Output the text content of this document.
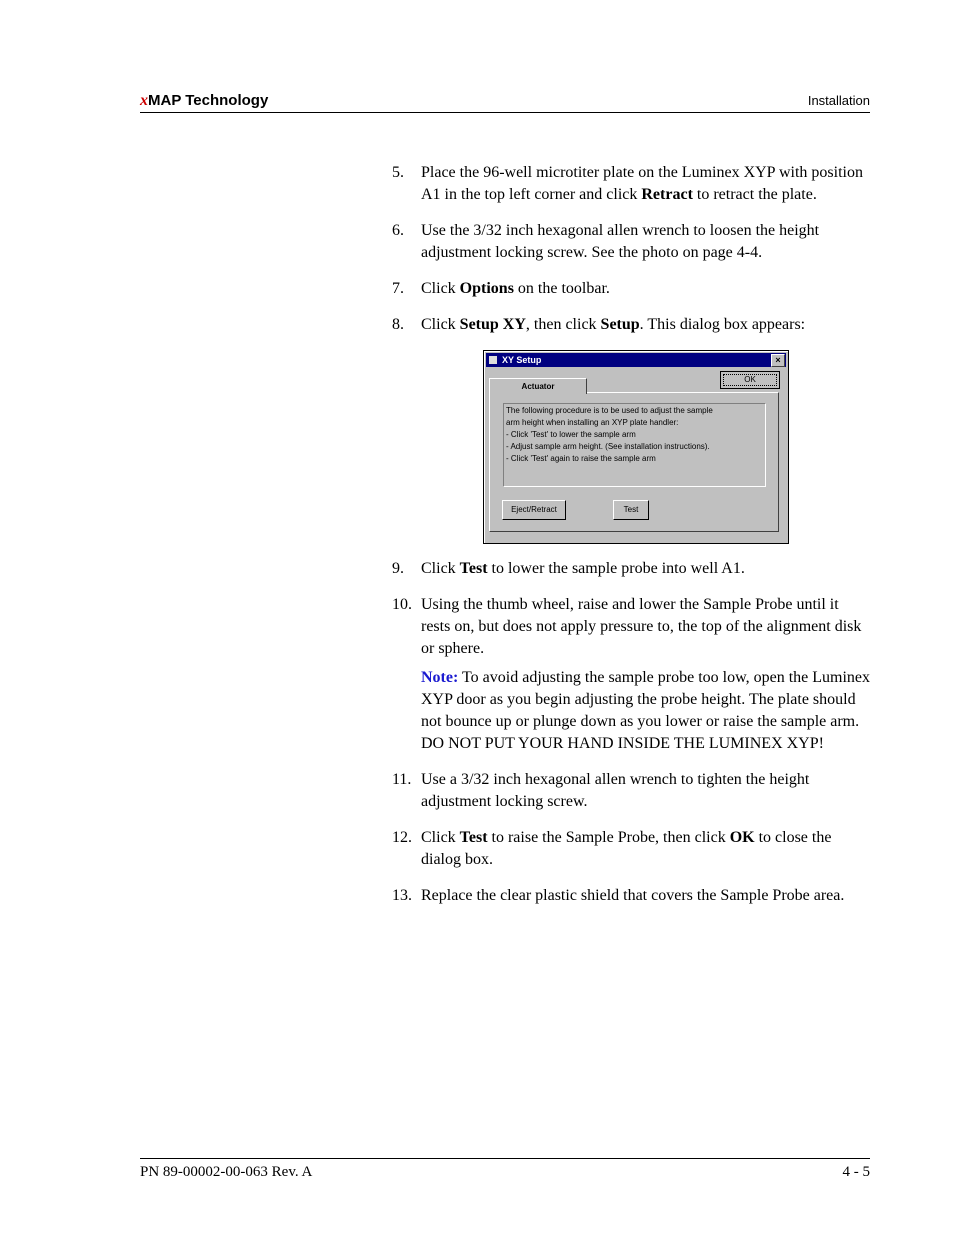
xMAP Technology	Installation
5. Place the 96-well microtiter plate on the Luminex XYP with position A1 in the top left corner and click Retract to retract the plate.
6. Use the 3/32 inch hexagonal allen wrench to loosen the height adjustment locking screw. See the photo on page 4-4.
7. Click Options on the toolbar.
8. Click Setup XY, then click Setup. This dialog box appears:
XY Setup	×
Actuator
OK
The following procedure is to be used to adjust the sample
arm height when installing an XYP plate handler:
- Click 'Test' to lower the sample arm
- Adjust sample arm height. (See installation instructions).
- Click 'Test' again to raise the sample arm
Eject/Retract	Test
9. Click Test to lower the sample probe into well A1.
10. Using the thumb wheel, raise and lower the Sample Probe until it rests on, but does not apply pressure to, the top of the alignment disk or sphere.
Note: To avoid adjusting the sample probe too low, open the Luminex XYP door as you begin adjusting the probe height. The plate should not bounce up or plunge down as you lower or raise the sample arm. DO NOT PUT YOUR HAND INSIDE THE LUMINEX XYP!
11. Use a 3/32 inch hexagonal allen wrench to tighten the height adjustment locking screw.
12. Click Test to raise the Sample Probe, then click OK to close the dialog box.
13. Replace the clear plastic shield that covers the Sample Probe area.
PN 89-00002-00-063 Rev. A	4 - 5
